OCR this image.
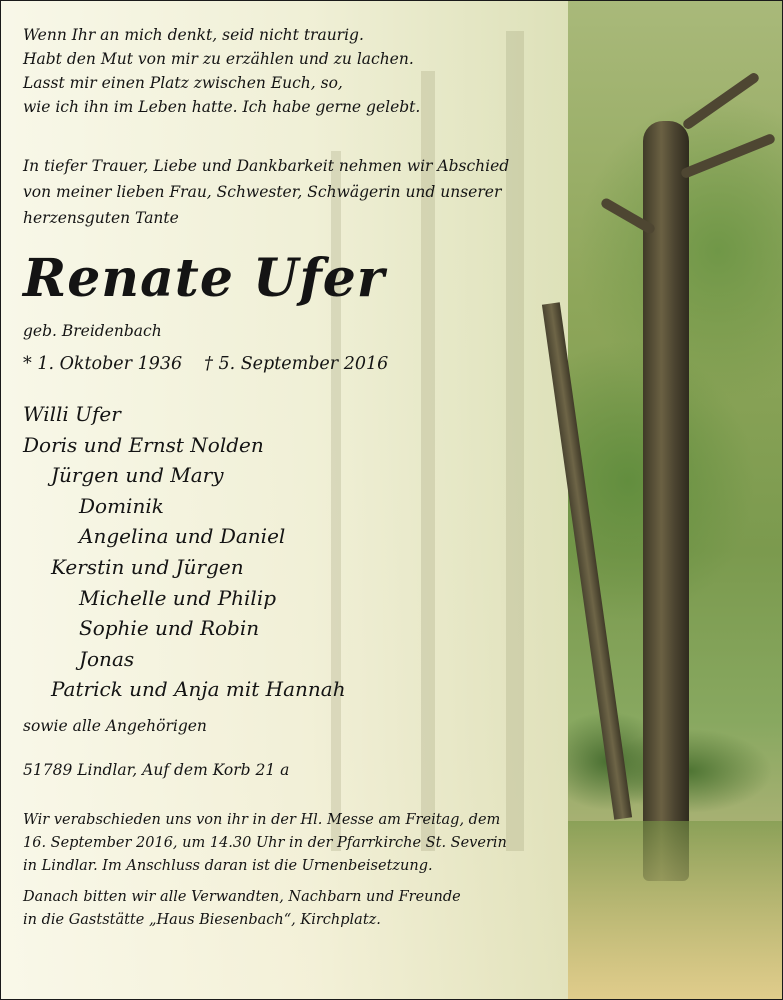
Wenn Ihr an mich denkt, seid nicht traurig.
Habt den Mut von mir zu erzählen und zu lachen.
Lasst mir einen Platz zwischen Euch, so,
wie ich ihn im Leben hatte. Ich habe gerne gelebt.

In tiefer Trauer, Liebe und Dankbarkeit nehmen wir Abschied
von meiner lieben Frau, Schwester, Schwägerin und unserer
herzensguten Tante

Renate Ufer

geb. Breidenbach

* 1. Oktober 1936 † 5. September 2016

Willi Ufer
Doris und Ernst Nolden
Jürgen und Mary
Dominik
Angelina und Daniel
Kerstin und Jürgen
Michelle und Philip
Sophie und Robin
Jonas
Patrick und Anja mit Hannah

sowie alle Angehörigen

51789 Lindlar, Auf dem Korb 21 a

Wir verabschieden uns von ihr in der Hl. Messe am Freitag, dem
16. September 2016, um 14.30 Uhr in der Pfarrkirche St. Severin
in Lindlar. Im Anschluss daran ist die Urnenbeisetzung.

Danach bitten wir alle Verwandten, Nachbarn und Freunde
in die Gaststätte „Haus Biesenbach“, Kirchplatz.
